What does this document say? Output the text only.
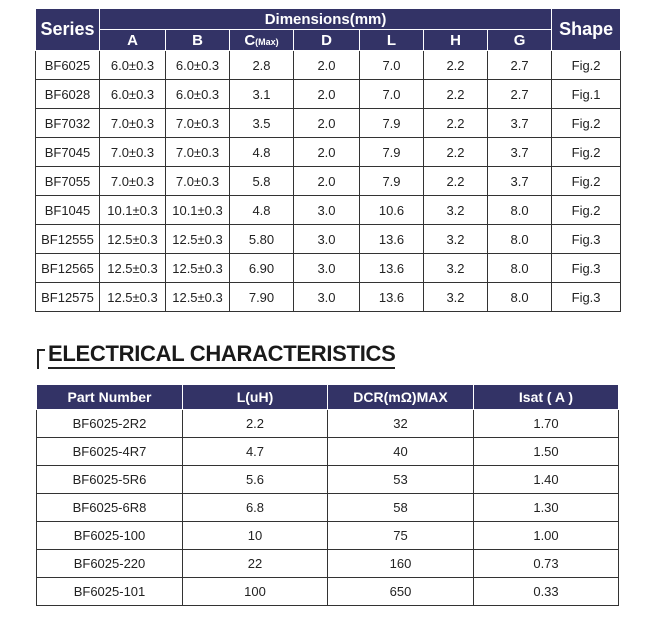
Series	Dimensions(mm)							Shape
	A	B	C(Max)	D	L	H	G	
BF6025	6.0±0.3	6.0±0.3	2.8	2.0	7.0	2.2	2.7	Fig.2
BF6028	6.0±0.3	6.0±0.3	3.1	2.0	7.0	2.2	2.7	Fig.1
BF7032	7.0±0.3	7.0±0.3	3.5	2.0	7.9	2.2	3.7	Fig.2
BF7045	7.0±0.3	7.0±0.3	4.8	2.0	7.9	2.2	3.7	Fig.2
BF7055	7.0±0.3	7.0±0.3	5.8	2.0	7.9	2.2	3.7	Fig.2
BF1045	10.1±0.3	10.1±0.3	4.8	3.0	10.6	3.2	8.0	Fig.2
BF12555	12.5±0.3	12.5±0.3	5.80	3.0	13.6	3.2	8.0	Fig.3
BF12565	12.5±0.3	12.5±0.3	6.90	3.0	13.6	3.2	8.0	Fig.3
BF12575	12.5±0.3	12.5±0.3	7.90	3.0	13.6	3.2	8.0	Fig.3
ELECTRICAL CHARACTERISTICS
Part Number	L(uH)	DCR(mΩ)MAX	Isat ( A )
BF6025-2R2	2.2	32	1.70
BF6025-4R7	4.7	40	1.50
BF6025-5R6	5.6	53	1.40
BF6025-6R8	6.8	58	1.30
BF6025-100	10	75	1.00
BF6025-220	22	160	0.73
BF6025-101	100	650	0.33
